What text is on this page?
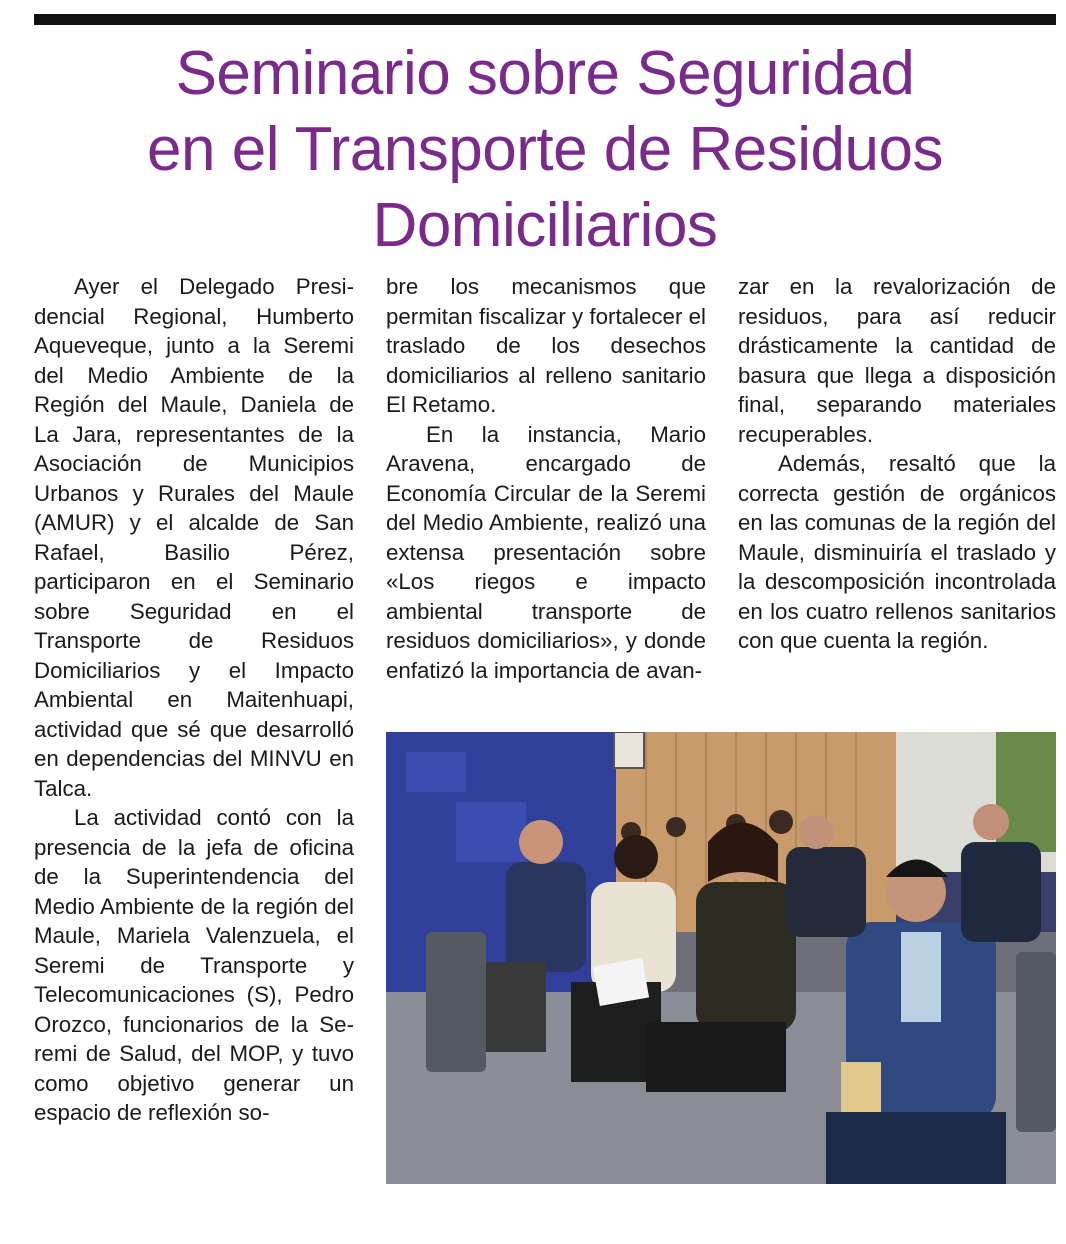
Seminario sobre Seguridad
en el Transporte de Residuos
Domiciliarios

Ayer el Delegado Presidencial Regional, Humberto Aqueveque, junto a la Seremi del Medio Ambiente de la Región del Maule, Daniela de La Jara, representantes de la Asociación de Municipios Urbanos y Rurales del Maule (AMUR) y el alcalde de San Rafael, Basilio Pérez, participaron en el Seminario sobre Seguridad en el Transporte de Residuos Domiciliarios y el Impacto Ambiental en Maitenhuapi, actividad que sé que desarrolló en dependencias del MINVU en Talca.

La actividad contó con la presencia de la jefa de oficina de la Superintendencia del Medio Ambiente de la región del Maule, Mariela Valenzuela, el Seremi de Transporte y Telecomunicaciones (S), Pedro Orozco, funcionarios de la Seremi de Salud, del MOP, y tuvo como objetivo generar un espacio de reflexión so-

bre los mecanismos que permitan fiscalizar y fortalecer el traslado de los desechos domiciliarios al relleno sanitario El Retamo.

En la instancia, Mario Aravena, encargado de Economía Circular de la Seremi del Medio Ambiente, realizó una extensa presentación sobre «Los riegos e impacto ambiental transporte de residuos domiciliarios», y donde enfatizó la importancia de avan-

zar en la revalorización de residuos, para así reducir drásticamente la cantidad de basura que llega a disposición final, separando materiales recuperables.

Además, resaltó que la correcta gestión de orgánicos en las comunas de la región del Maule, disminuiría el traslado y la descomposición incontrolada en los cuatro rellenos sanitarios con que cuenta la región.
